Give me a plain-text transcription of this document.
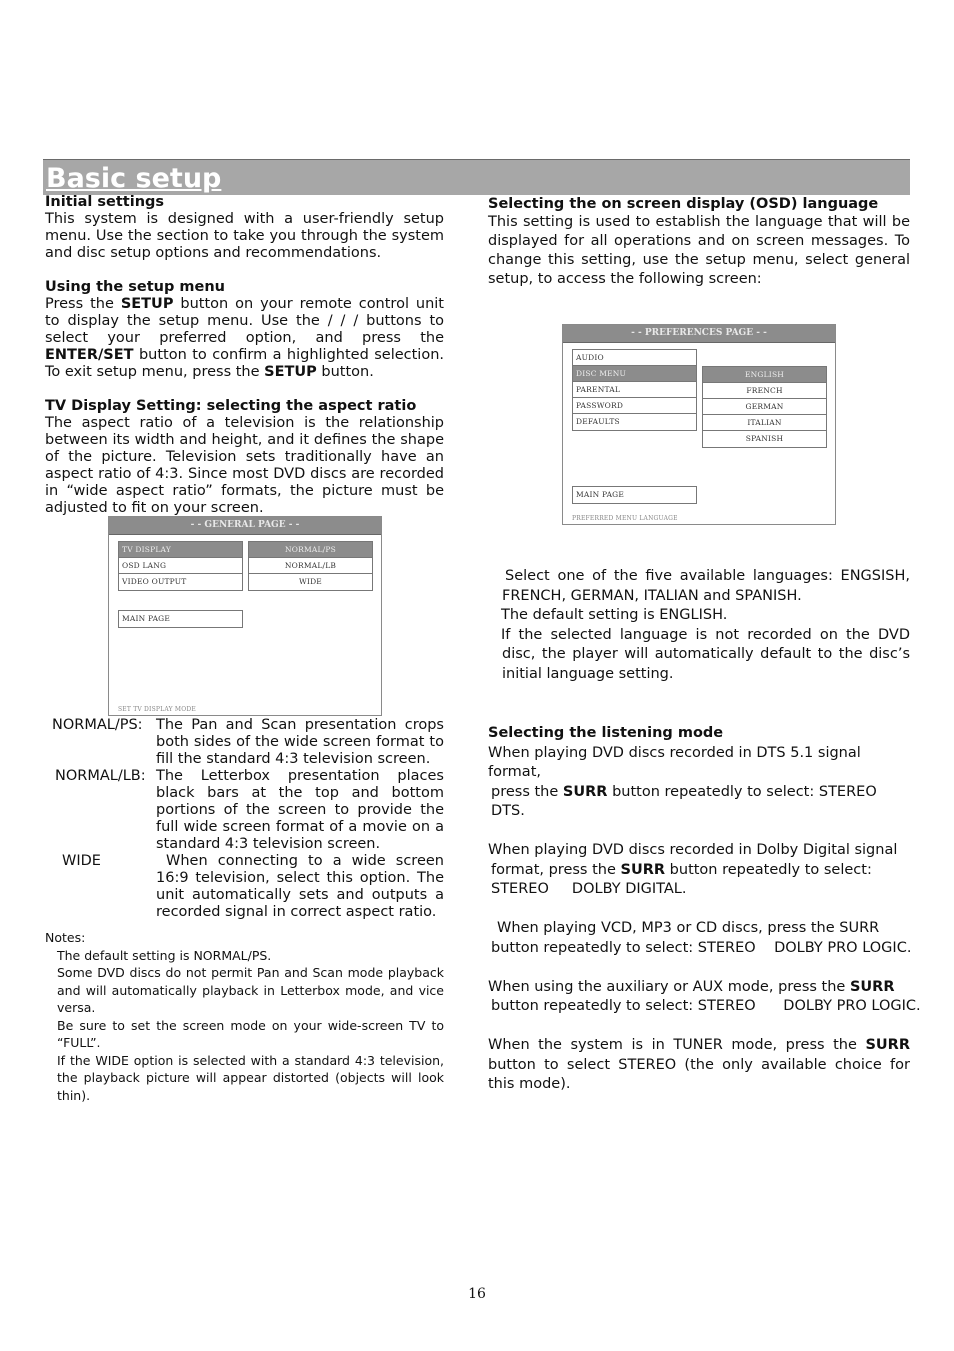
Basic setup
Initial settings

This system is designed with a user-friendly setup menu. Use the section to take you through the system and disc setup options and recommendations.

Using the setup menu

Press the SETUP button on your remote control unit to display the setup menu. Use the / / / buttons to select your preferred option, and press the ENTER/SET button to confirm a highlighted selection. To exit setup menu, press the SETUP button.

TV Display Setting: selecting the aspect ratio

The aspect ratio of a television is the relationship between its width and height, and it defines the shape of the picture. Television sets traditionally have an aspect ratio of 4:3. Since most DVD discs are recorded in “wide aspect ratio” formats, the picture must be adjusted to fit on your screen.

- - GENERAL PAGE - -
TV DISPLAY
OSD LANG
VIDEO OUTPUT
NORMAL/PS
NORMAL/LB
WIDE
MAIN PAGE
SET TV DISPLAY MODE
NORMAL/PS: The Pan and Scan presentation crops both sides of the wide screen format to fill the standard 4:3 television screen.
NORMAL/LB: The Letterbox presentation places black bars at the top and bottom portions of the screen to provide the full wide screen format of a movie on a standard 4:3 television screen.
WIDE	When connecting to a wide screen 16:9 television, select this option. The unit automatically sets and outputs a recorded signal in correct aspect ratio.
Notes:
The default setting is NORMAL/PS.
Some DVD discs do not permit Pan and Scan mode playback and will automatically playback in Letterbox mode, and vice versa.
Be sure to set the screen mode on your wide-screen TV to “FULL”.
If the WIDE option is selected with a standard 4:3 television, the playback picture will appear distorted (objects will look thin).
Selecting the on screen display (OSD) language

This setting is used to establish the language that will be displayed for all operations and on screen messages. To change this setting, use the setup menu, select general setup, to access the following screen:

- - PREFERENCES PAGE - -
AUDIO
DISC MENU
PARENTAL
PASSWORD
DEFAULTS
ENGLISH
FRENCH
GERMAN
ITALIAN
SPANISH
MAIN PAGE
PREFERRED MENU LANGUAGE

Select one of the five available languages: ENGSISH, FRENCH, GERMAN, ITALIAN and SPANISH.

The default setting is ENGLISH.

If the selected language is not recorded on the DVD disc, the player will automatically default to the disc’s initial language setting.

Selecting the listening mode
When playing DVD discs recorded in DTS 5.1 signal format,
press the SURR button repeatedly to select: STEREO
DTS.
When playing DVD discs recorded in Dolby Digital signal
format, press the SURR button repeatedly to select:
STEREO     DOLBY DIGITAL.
When playing VCD, MP3 or CD discs, press the SURR
button repeatedly to select: STEREO    DOLBY PRO LOGIC.
When using the auxiliary or AUX mode, press the SURR
button repeatedly to select: STEREO      DOLBY PRO LOGIC.

When the system is in TUNER mode, press the SURR button to select STEREO (the only available choice for this mode).

16
